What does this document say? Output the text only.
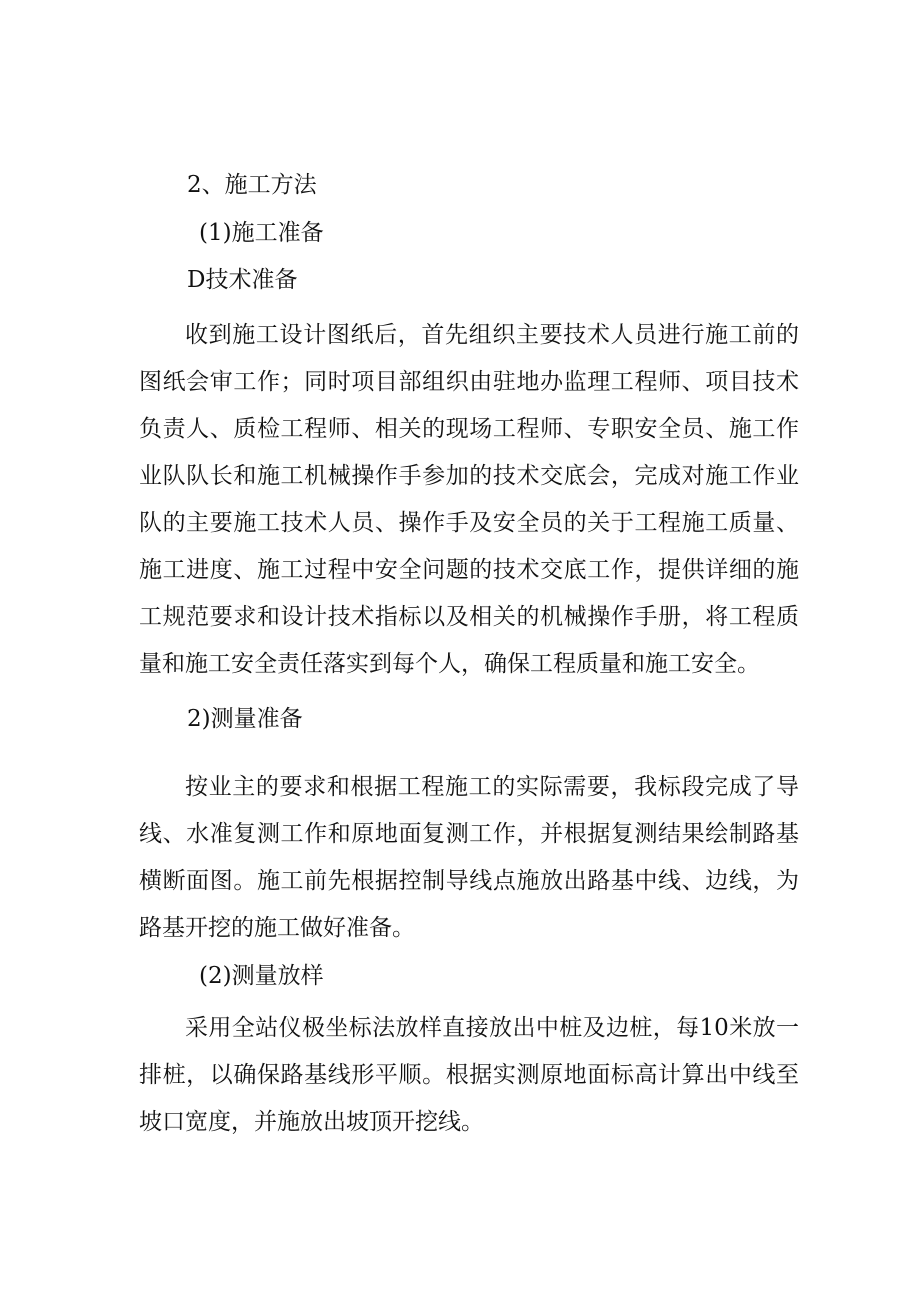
2、施工方法

(1)施工准备

D技术准备

收到施工设计图纸后，首先组织主要技术人员进行施工前的图纸会审工作；同时项目部组织由驻地办监理工程师、项目技术负责人、质检工程师、相关的现场工程师、专职安全员、施工作业队队长和施工机械操作手参加的技术交底会，完成对施工作业队的主要施工技术人员、操作手及安全员的关于工程施工质量、施工进度、施工过程中安全问题的技术交底工作，提供详细的施工规范要求和设计技术指标以及相关的机械操作手册，将工程质量和施工安全责任落实到每个人，确保工程质量和施工安全。

2)测量准备

按业主的要求和根据工程施工的实际需要，我标段完成了导线、水准复测工作和原地面复测工作，并根据复测结果绘制路基横断面图。施工前先根据控制导线点施放出路基中线、边线，为路基开挖的施工做好准备。

(2)测量放样

采用全站仪极坐标法放样直接放出中桩及边桩，每10米放一排桩，以确保路基线形平顺。根据实测原地面标高计算出中线至坡口宽度，并施放出坡顶开挖线。
